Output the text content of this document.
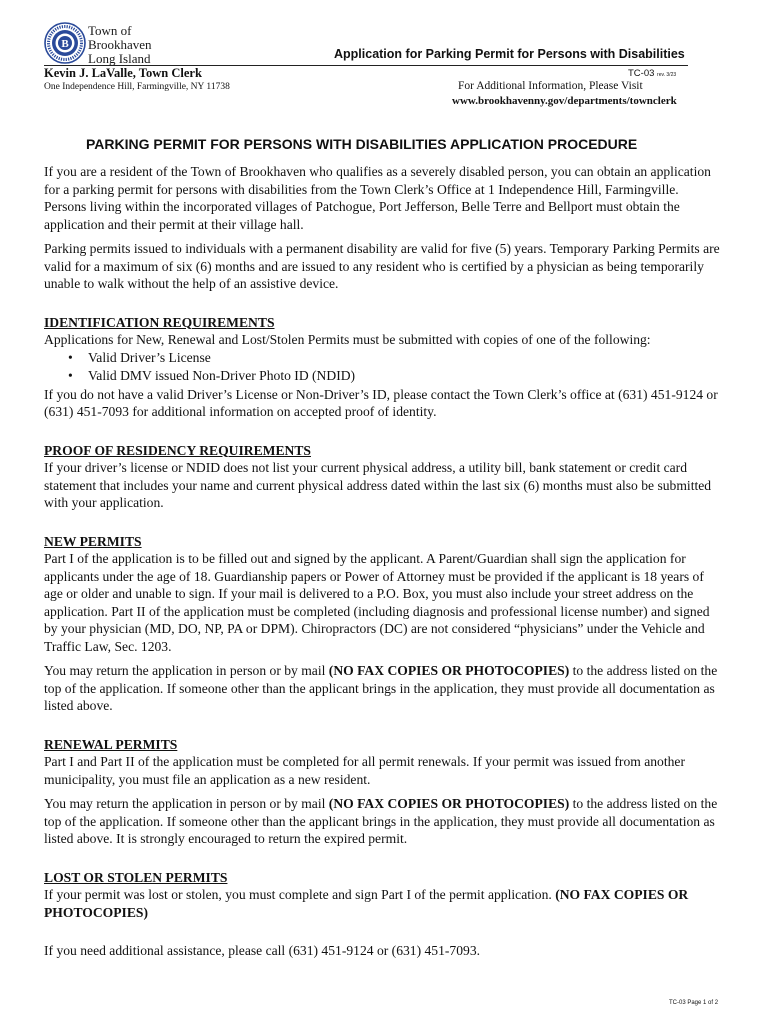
B
Town of
Brookhaven
Long Island	Application for Parking Permit for Persons with Disabilities
Kevin J. LaValle, Town Clerk
One Independence Hill, Farmingville, NY 11738
TC-03 rev. 3/23
For Additional Information, Please Visit
www.brookhavenny.gov/departments/townclerk
PARKING PERMIT FOR PERSONS WITH DISABILITIES APPLICATION PROCEDURE

If you are a resident of the Town of Brookhaven who qualifies as a severely disabled person, you can obtain an application for a parking permit for persons with disabilities from the Town Clerk’s Office at 1 Independence Hill, Farmingville. Persons living within the incorporated villages of Patchogue, Port Jefferson, Belle Terre and Bellport must obtain the application and their permit at their village hall.

Parking permits issued to individuals with a permanent disability are valid for five (5) years. Temporary Parking Permits are valid for a maximum of six (6) months and are issued to any resident who is certified by a physician as being temporarily unable to walk without the help of an assistive device.

IDENTIFICATION REQUIREMENTS
Applications for New, Renewal and Lost/Stolen Permits must be submitted with copies of one of the following:
• Valid Driver’s License
• Valid DMV issued Non-Driver Photo ID (NDID)
If you do not have a valid Driver’s License or Non-Driver’s ID, please contact the Town Clerk’s office at (631) 451-9124 or (631) 451-7093 for additional information on accepted proof of identity.
PROOF OF RESIDENCY REQUIREMENTS
If your driver’s license or NDID does not list your current physical address, a utility bill, bank statement or credit card statement that includes your name and current physical address dated within the last six (6) months must also be submitted with your application.
NEW PERMITS

Part I of the application is to be filled out and signed by the applicant. A Parent/Guardian shall sign the application for applicants under the age of 18. Guardianship papers or Power of Attorney must be provided if the applicant is 18 years of age or older and unable to sign. If your mail is delivered to a P.O. Box, you must also include your street address on the application. Part II of the application must be completed (including diagnosis and professional license number) and signed by your physician (MD, DO, NP, PA or DPM). Chiropractors (DC) are not considered “physicians” under the Vehicle and Traffic Law, Sec. 1203.

You may return the application in person or by mail (NO FAX COPIES OR PHOTOCOPIES) to the address listed on the top of the application. If someone other than the applicant brings in the application, they must provide all documentation as listed above.

RENEWAL PERMITS

Part I and Part II of the application must be completed for all permit renewals. If your permit was issued from another municipality, you must file an application as a new resident.

You may return the application in person or by mail (NO FAX COPIES OR PHOTOCOPIES) to the address listed on the top of the application. If someone other than the applicant brings in the application, they must provide all documentation as listed above. It is strongly encouraged to return the expired permit.

LOST OR STOLEN PERMITS
If your permit was lost or stolen, you must complete and sign Part I of the permit application. (NO FAX COPIES OR PHOTOCOPIES)

If you need additional assistance, please call (631) 451-9124 or (631) 451-7093.

TC-03 Page 1 of 2
